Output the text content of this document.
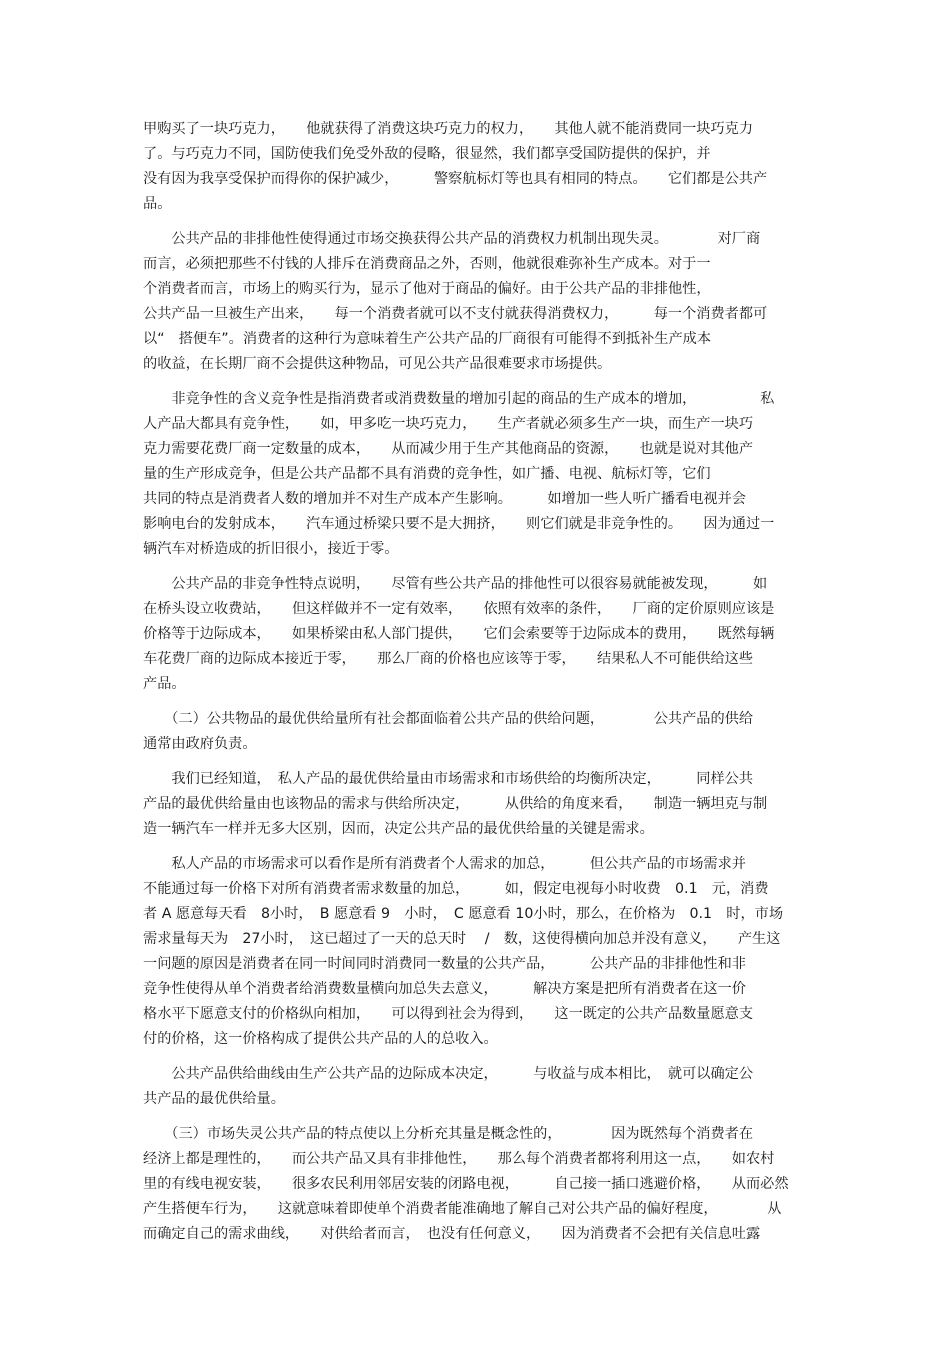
甲购买了一块巧克力，　　他就获得了消费这块巧克力的权力，　　其他人就不能消费同一块巧克力
了。与巧克力不同，国防使我们免受外敌的侵略，很显然，我们都享受国防提供的保护，并
没有因为我享受保护而得你的保护减少，　　　警察航标灯等也具有相同的特点。　　它们都是公共产
品。
　　公共产品的非排他性使得通过市场交换获得公共产品的消费权力机制出现失灵。　　　　对厂商
而言，必须把那些不付钱的人排斥在消费商品之外，否则，他就很难弥补生产成本。对于一
个消费者而言，市场上的购买行为，显示了他对于商品的偏好。由于公共产品的非排他性，
公共产品一旦被生产出来，　　每一个消费者就可以不支付就获得消费权力，　　　每一个消费者都可
以“　搭便车”。消费者的这种行为意味着生产公共产品的厂商很有可能得不到抵补生产成本
的收益，在长期厂商不会提供这种物品，可见公共产品很难要求市场提供。
　　非竞争性的含义竞争性是指消费者或消费数量的增加引起的商品的生产成本的增加，　　　　　私
人产品大都具有竞争性，　　如，甲多吃一块巧克力，　　生产者就必须多生产一块，而生产一块巧
克力需要花费厂商一定数量的成本，　　从而减少用于生产其他商品的资源，　　也就是说对其他产
量的生产形成竞争，但是公共产品都不具有消费的竞争性，如广播、电视、航标灯等，它们
共同的特点是消费者人数的增加并不对生产成本产生影响。　　　如增加一些人听广播看电视并会
影响电台的发射成本，　　汽车通过桥梁只要不是大拥挤，　　则它们就是非竞争性的。　　因为通过一
辆汽车对桥造成的折旧很小，接近于零。
　　公共产品的非竞争性特点说明，　　尽管有些公共产品的排他性可以很容易就能被发现，　　　如
在桥头设立收费站，　　但这样做并不一定有效率，　　依照有效率的条件，　　厂商的定价原则应该是
价格等于边际成本，　　如果桥梁由私人部门提供，　　它们会索要等于边际成本的费用，　　既然每辆
车花费厂商的边际成本接近于零，　　那么厂商的价格也应该等于零，　　结果私人不可能供给这些
产品。
　　（二）公共物品的最优供给量所有社会都面临着公共产品的供给问题，　　　　公共产品的供给
通常由政府负责。
　　我们已经知道，　私人产品的最优供给量由市场需求和市场供给的均衡所决定，　　　同样公共
产品的最优供给量由也该物品的需求与供给所决定，　　　从供给的角度来看，　　制造一辆坦克与制
造一辆汽车一样并无多大区别，因而，决定公共产品的最优供给量的关键是需求。
　　私人产品的市场需求可以看作是所有消费者个人需求的加总，　　　但公共产品的市场需求并
不能通过每一价格下对所有消费者需求数量的加总，　　　如，假定电视每小时收费　0.1　元，消费
者 A 愿意每天看　8小时，　B 愿意看 9　小时，　C 愿意看 10小时，那么，在价格为　0.1　时，市场
需求量每天为　27小时，　这已超过了一天的总天时　 /　数，这使得横向加总并没有意义，　　产生这
一问题的原因是消费者在同一时间同时消费同一数量的公共产品，　　　公共产品的非排他性和非
竞争性使得从单个消费者给消费数量横向加总失去意义，　　　解决方案是把所有消费者在这一价
格水平下愿意支付的价格纵向相加，　　可以得到社会为得到，　　这一既定的公共产品数量愿意支
付的价格，这一价格构成了提供公共产品的人的总收入。
　　公共产品供给曲线由生产公共产品的边际成本决定，　　　与收益与成本相比，　就可以确定公
共产品的最优供给量。
　　（三）市场失灵公共产品的特点使以上分析充其量是概念性的，　　　　因为既然每个消费者在
经济上都是理性的，　　而公共产品又具有非排他性，　　那么每个消费者都将利用这一点，　　如农村
里的有线电视安装，　　很多农民利用邻居安装的闭路电视，　　　自己接一插口逃避价格，　　从而必然
产生搭便车行为，　　这就意味着即使单个消费者能准确地了解自己对公共产品的偏好程度，　　　　从
而确定自己的需求曲线，　　对供给者而言，　也没有任何意义，　　因为消费者不会把有关信息吐露
